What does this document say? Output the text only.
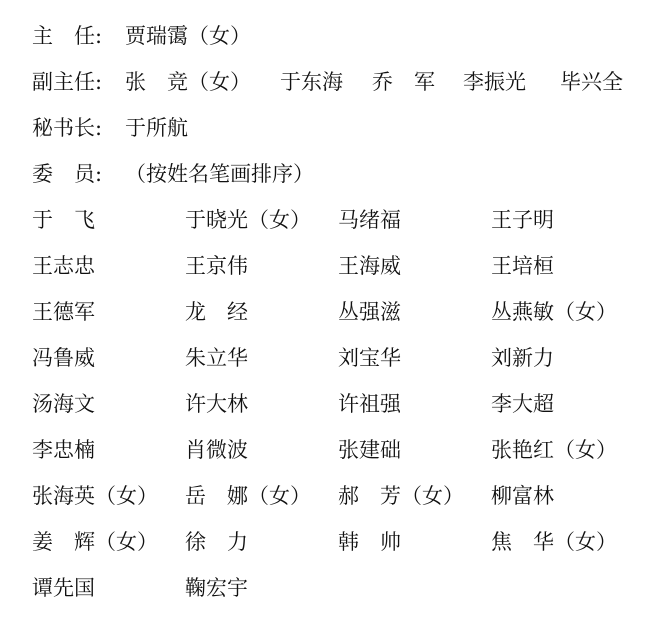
主　任: 贾瑞霭（女）
副主任: 张　竞（女） 于东海 乔　军 李振光 毕兴全
秘书长: 于所航
委　员: （按姓名笔画排序）
于　飞	于晓光（女） 马绪福	王子明
王志忠	王京伟	王海威	王培桓
王德军	龙　经	丛强滋	丛燕敏（女）
冯鲁威	朱立华	刘宝华	刘新力
汤海文	许大林	许祖强	李大超
李忠楠	肖微波	张建础	张艳红（女）
张海英（女） 岳　娜（女） 郝　芳（女） 柳富林
姜　辉（女） 徐　力	韩　帅	焦　华（女）
谭先国	鞠宏宇
